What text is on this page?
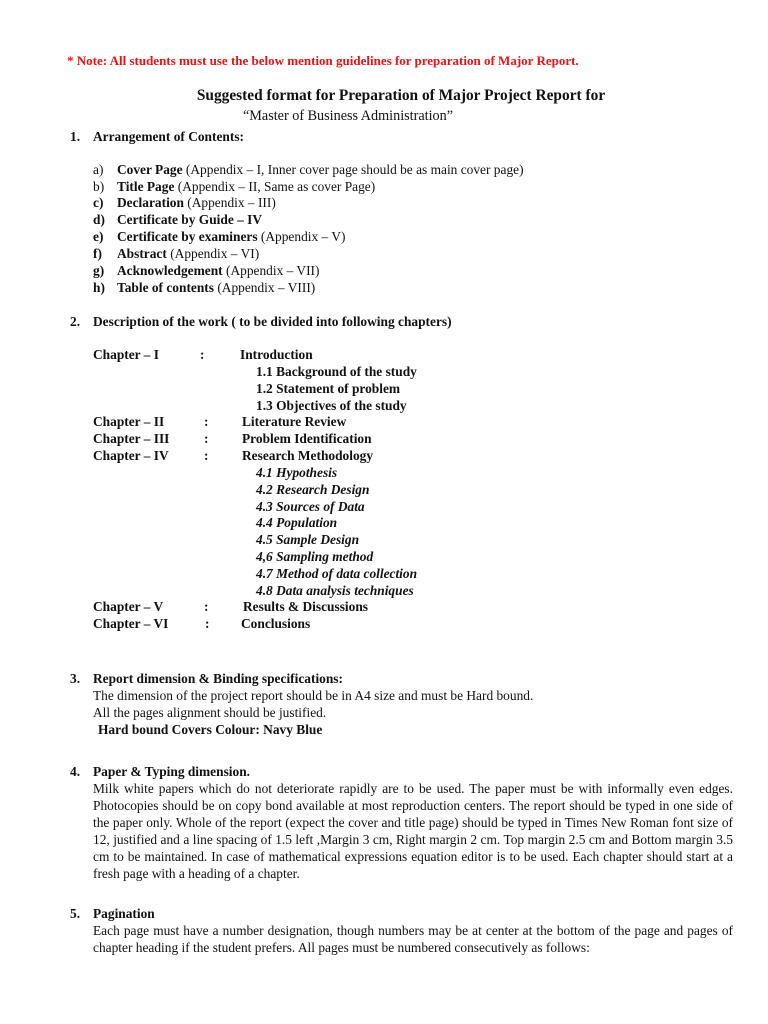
* Note: All students must use the below mention guidelines for preparation of Major Report.
Suggested format for Preparation of Major Project Report for
“Master of Business Administration”
1. Arrangement of Contents:
a) Cover Page (Appendix – I, Inner cover page should be as main cover page)
b) Title Page (Appendix – II, Same as cover Page)
c) Declaration (Appendix – III)
d) Certificate by Guide – IV
e) Certificate by examiners (Appendix – V)
f) Abstract (Appendix – VI)
g) Acknowledgement (Appendix – VII)
h) Table of contents (Appendix – VIII)
2. Description of the work ( to be divided into following chapters)
Chapter – I	:	Introduction
1.1 Background of the study
1.2 Statement of problem
1.3 Objectives of the study
Chapter – II	:	Literature Review
Chapter – III	:	Problem Identification
Chapter – IV	:	Research Methodology
4.1 Hypothesis
4.2 Research Design
4.3 Sources of Data
4.4 Population
4.5 Sample Design
4,6 Sampling method
4.7 Method of data collection
4.8 Data analysis techniques
Chapter – V	:	Results & Discussions
Chapter – VI	: Conclusions
3. Report dimension & Binding specifications:
The dimension of the project report should be in A4 size and must be Hard bound.
All the pages alignment should be justified.
Hard bound Covers Colour: Navy Blue
4. Paper & Typing dimension.
Milk white papers which do not deteriorate rapidly are to be used. The paper must be with informally even edges. Photocopies should be on copy bond available at most reproduction centers. The report should be typed in one side of the paper only. Whole of the report (expect the cover and title page) should be typed in Times New Roman font size of 12, justified and a line spacing of 1.5 left ,Margin 3 cm, Right margin 2 cm. Top margin 2.5 cm and Bottom margin 3.5 cm to be maintained. In case of mathematical expressions equation editor is to be used. Each chapter should start at a fresh page with a heading of a chapter.
5. Pagination
Each page must have a number designation, though numbers may be at center at the bottom of the page and pages of chapter heading if the student prefers. All pages must be numbered consecutively as follows:
